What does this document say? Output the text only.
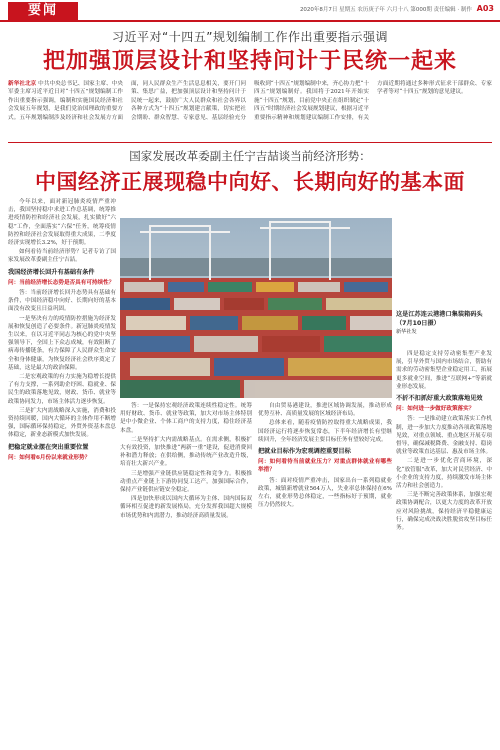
要闻	2020年8月7日 星期五 农历庚子年 六月十八 第000期 责任编辑 · 制作 A03
习近平对“十四五”规划编制工作作出重要指示强调
把加强顶层设计和坚持问计于民统一起来
新华社北京 中共中央总书记、国家主席、中央军委主席习近平近日对“十四五”规划编制工作作出重要指示强调，编制和实施国民经济和社会发展五年规划，是我们党治国理政的重要方式。五年规划编制涉及经济和社会发展方方面面，同人民群众生产生活息息相关，要开门问策、集思广益，把加强顶层设计和坚持问计于民统一起来，鼓励广大人民群众和社会各界以各种方式为“十四五”规划建言献策，切实把社会期盼、群众智慧、专家意见、基层经验充分吸收到“十四五”规划编制中来，齐心协力把“十四五”规划编制好。我国将于2021年开始实施“十四五”规划，目前党中央正在组织制定“十四五”时期经济社会发展规划建议，根据习近平重要指示精神和规划建议编制工作安排，有关方面近期将通过多种形式征求干部群众、专家学者等对“十四五”规划的意见建议。
国家发展改革委副主任宁吉喆谈当前经济形势：
中国经济正展现稳中向好、长期向好的基本面

今年以来，面对新冠肺炎疫情严重冲击，我国坚持稳中求进工作总基调，统筹推进疫情防控和经济社会发展，扎实做好“六稳”工作，全面落实“六保”任务，统筹疫情防控和经济社会发展取得重大成果，二季度经济实现增长3.2%，好于预期。

如何看待当前经济形势？记者专访了国家发展改革委副主任宁吉喆。

我国经济增长回升有基础有条件
问：当前经济增长态势是否具有可持续性？

答：当前经济增长回升态势具有基础有条件，中国经济稳中向好、长期向好的基本面没有改变且日益巩固。

一是坚决有力的疫情防控措施为经济发展和恢复创造了必要条件。新冠肺炎疫情发生以来，在以习近平同志为核心的党中央坚强领导下，全国上下众志成城，有效阻断了病毒传播链条，有力保障了人民群众生命安全和身体健康，为恢复经济社会秩序奠定了基础，这是最大的政治保障。

二是宏观政策的有力实施为稳增长提供了有力支撑，一系列助企纾困、稳就业、保民生的政策落地见效，财政、货币、就业等政策协同发力，市场主体活力逐步恢复。

三是扩大内需战略深入实施，消费和投资持续回暖，国内大循环的主体作用不断增强，国际循环保持稳定，外贸外资基本盘总体稳定，新业态新模式加快发展。

把稳定就业摆在突出重要位置
问：如何看6月份以来就业形势？
这是江苏连云港港口集装箱码头（7月10日摄）
新华社发

答：一是保持宏观经济政策连续性稳定性。统筹用好财政、货币、就业等政策，加大对市场主体特别是中小微企业、个体工商户的支持力度，稳住经济基本盘。

二是坚持扩大内需战略基点。在需求侧，积极扩大有效投资，加快推进“两新一重”建设，促进消费回补和潜力释放；在供给侧，推动传统产业改造升级，培育壮大新兴产业。

三是增强产业链供应链稳定性和竞争力。积极推动重点产业链上下游协同复工达产，加强国际合作，保持产业链供应链安全稳定。

四是加快形成以国内大循环为主体、国内国际双循环相互促进的新发展格局，充分发挥我国超大规模市场优势和内需潜力，推动经济高质量发展。

自由贸易港建设，推进区域协调发展，推动形成优势互补、高质量发展的区域经济布局。

总体来看，随着疫情防控取得重大战略成果，我国经济运行将逐步恢复常态，下半年经济增长有望继续回升，全年经济发展主要目标任务有望较好完成。

把就业目标作为宏观调控重要目标
问：如何看待当前就业压力？对重点群体就业有哪些举措？

答：面对疫情严重冲击，国家出台一系列稳就业政策，城镇新增就业564万人，失业率总体保持在6%左右，就业形势总体稳定，一些指标好于预期，就业压力仍然较大。

四是稳定支持劳动密集型产业发展，引导外贸与国内市场结合，帮助有需求的劳动密集型企业稳定用工，拓展更多就业空间，推进“互联网+”等新就业形态发展。

不折不扣抓好重大政策落地见效
问：如何进一步做好政策落实？

答：一是推动建立政策落实工作机制，进一步加大力度推动各项政策落地见效，对重点领域、重点地区开展专项督导，确保减税降费、金融支持、稳岗就业等政策直达基层、惠及市场主体。

二是进一步优化营商环境，深化“放管服”改革，加大对民营经济、中小企业的支持力度，持续激发市场主体活力和社会创造力。

三是不断完善政策体系，加强宏观政策协调配合，以更大力度的改革开放应对风险挑战，保持经济平稳健康运行，确保完成决战决胜脱贫攻坚目标任务。
